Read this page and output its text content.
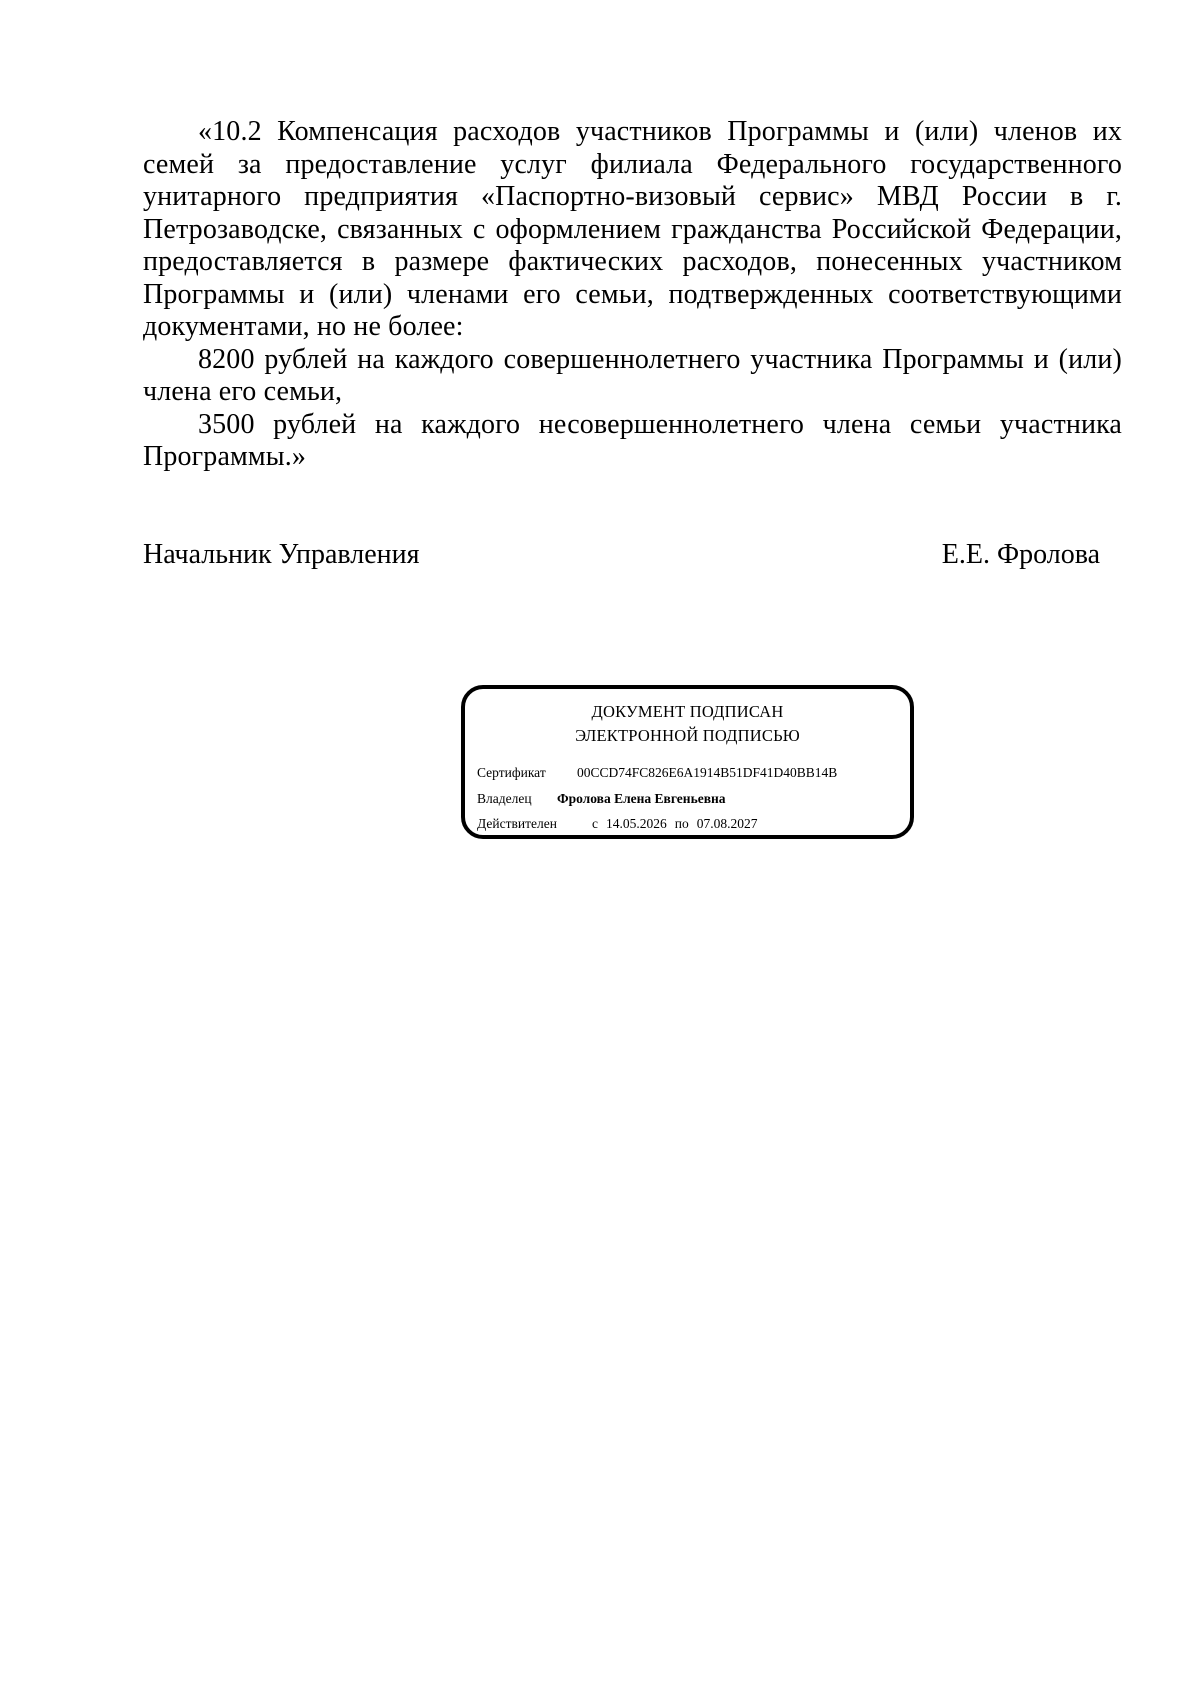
«10.2 Компенсация расходов участников Программы и (или) членов их семей за предоставление услуг филиала Федерального государственного унитарного предприятия «Паспортно-визовый сервис» МВД России в г. Петрозаводске, связанных с оформлением гражданства Российской Федерации, предоставляется в размере фактических расходов, понесенных участником Программы и (или) членами его семьи, подтвержденных соответствующими документами, но не более:

8200 рублей на каждого совершеннолетнего участника Программы и (или) члена его семьи,

3500 рублей на каждого несовершеннолетнего члена семьи участника Программы.»

Начальник Управления	Е.Е. Фролова
ДОКУМЕНТ ПОДПИСАН
ЭЛЕКТРОННОЙ ПОДПИСЬЮ
Сертификат 00CCD74FC826E6A1914B51DF41D40BB14B
Владелец Фролова Елена Евгеньевна
Действителен	с 14.05.2026 по 07.08.2027
